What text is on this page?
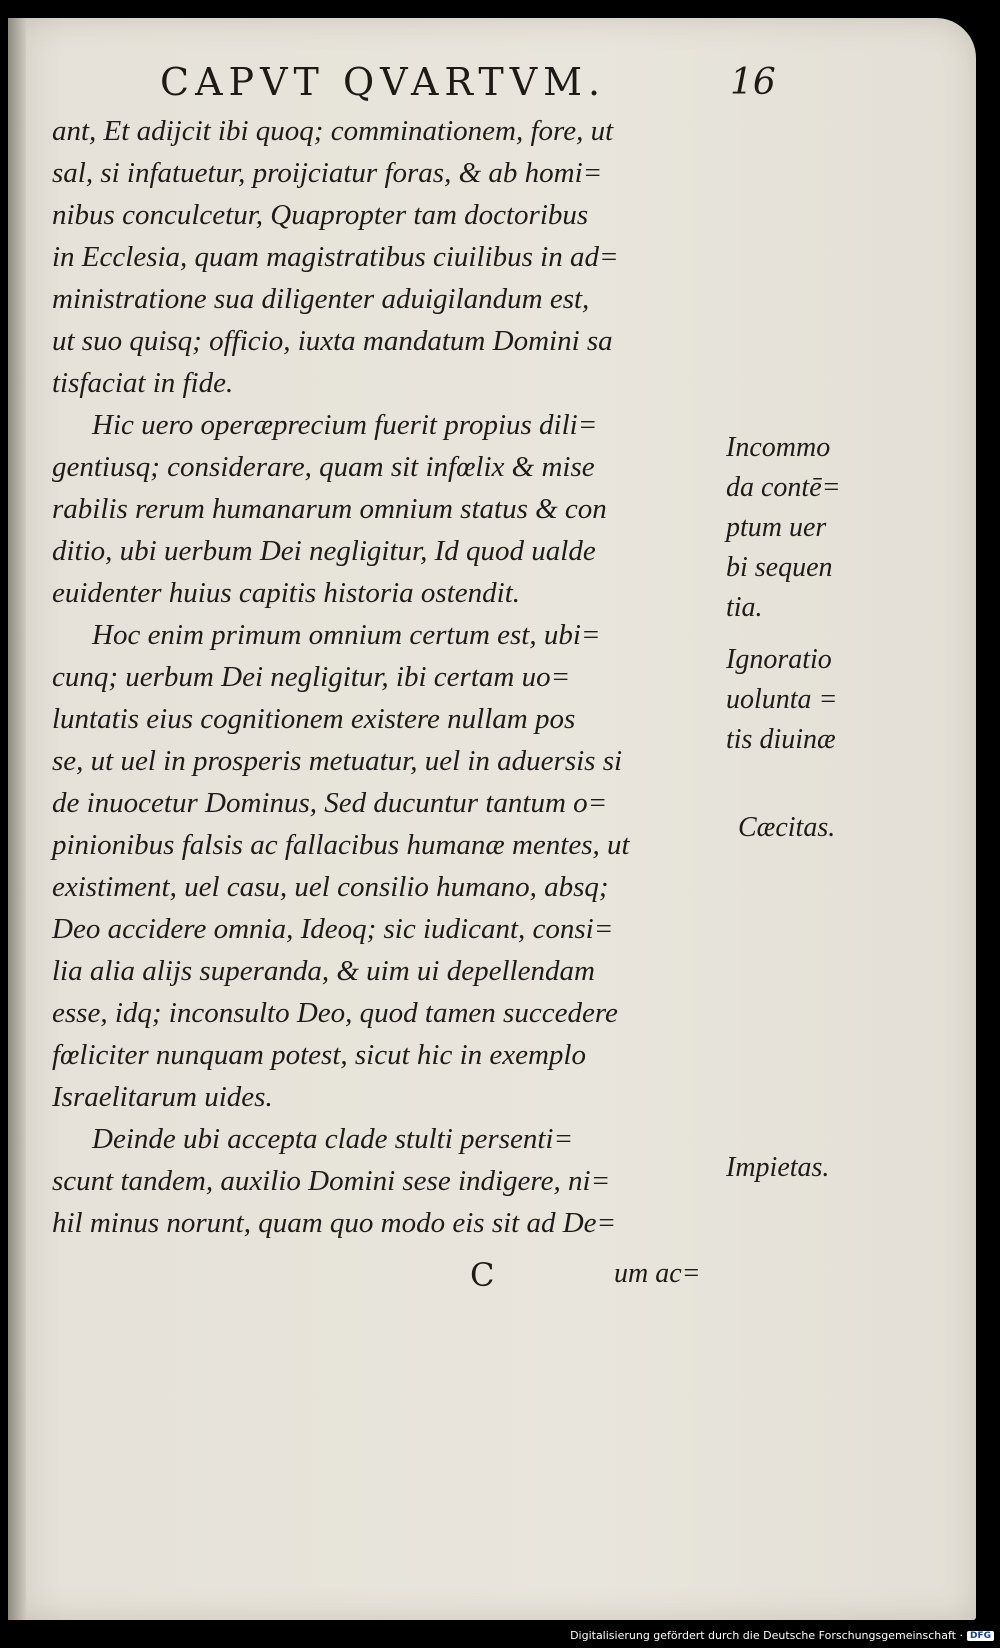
CAPVT QVARTVM.	16
ant, Et adijcit ibi quoq; comminationem, fore, ut
sal, si infatuetur, proijciatur foras, & ab homi=
nibus conculcetur, Quapropter tam doctoribus
in Ecclesia, quam magistratibus ciuilibus in ad=
ministratione sua diligenter aduigilandum est,
ut suo quisq; officio, iuxta mandatum Domini sa
tisfaciat in fide.
Hic uero operæprecium fuerit propius dili=
gentiusq; considerare, quam sit infœlix & mise
rabilis rerum humanarum omnium status & con
ditio, ubi uerbum Dei negligitur, Id quod ualde
euidenter huius capitis historia ostendit.
Hoc enim primum omnium certum est, ubi=
cunq; uerbum Dei negligitur, ibi certam uo=
luntatis eius cognitionem existere nullam pos
se, ut uel in prosperis metuatur, uel in aduersis si
de inuocetur Dominus, Sed ducuntur tantum o=
pinionibus falsis ac fallacibus humanæ mentes, ut
existiment, uel casu, uel consilio humano, absq;
Deo accidere omnia, Ideoq; sic iudicant, consi=
lia alia alijs superanda, & uim ui depellendam
esse, idq; inconsulto Deo, quod tamen succedere
fœliciter nunquam potest, sicut hic in exemplo
Israelitarum uides.
Deinde ubi accepta clade stulti persenti=
scunt tandem, auxilio Domini sese indigere, ni=
hil minus norunt, quam quo modo eis sit ad De=
Incommo
da contē=
ptum uer
bi sequen
tia.
Ignoratio
uolunta =
tis diuinæ
Cæcitas.
Impietas.
C	um ac=
Digitalisierung gefördert durch die Deutsche Forschungsgemeinschaft · DFG
